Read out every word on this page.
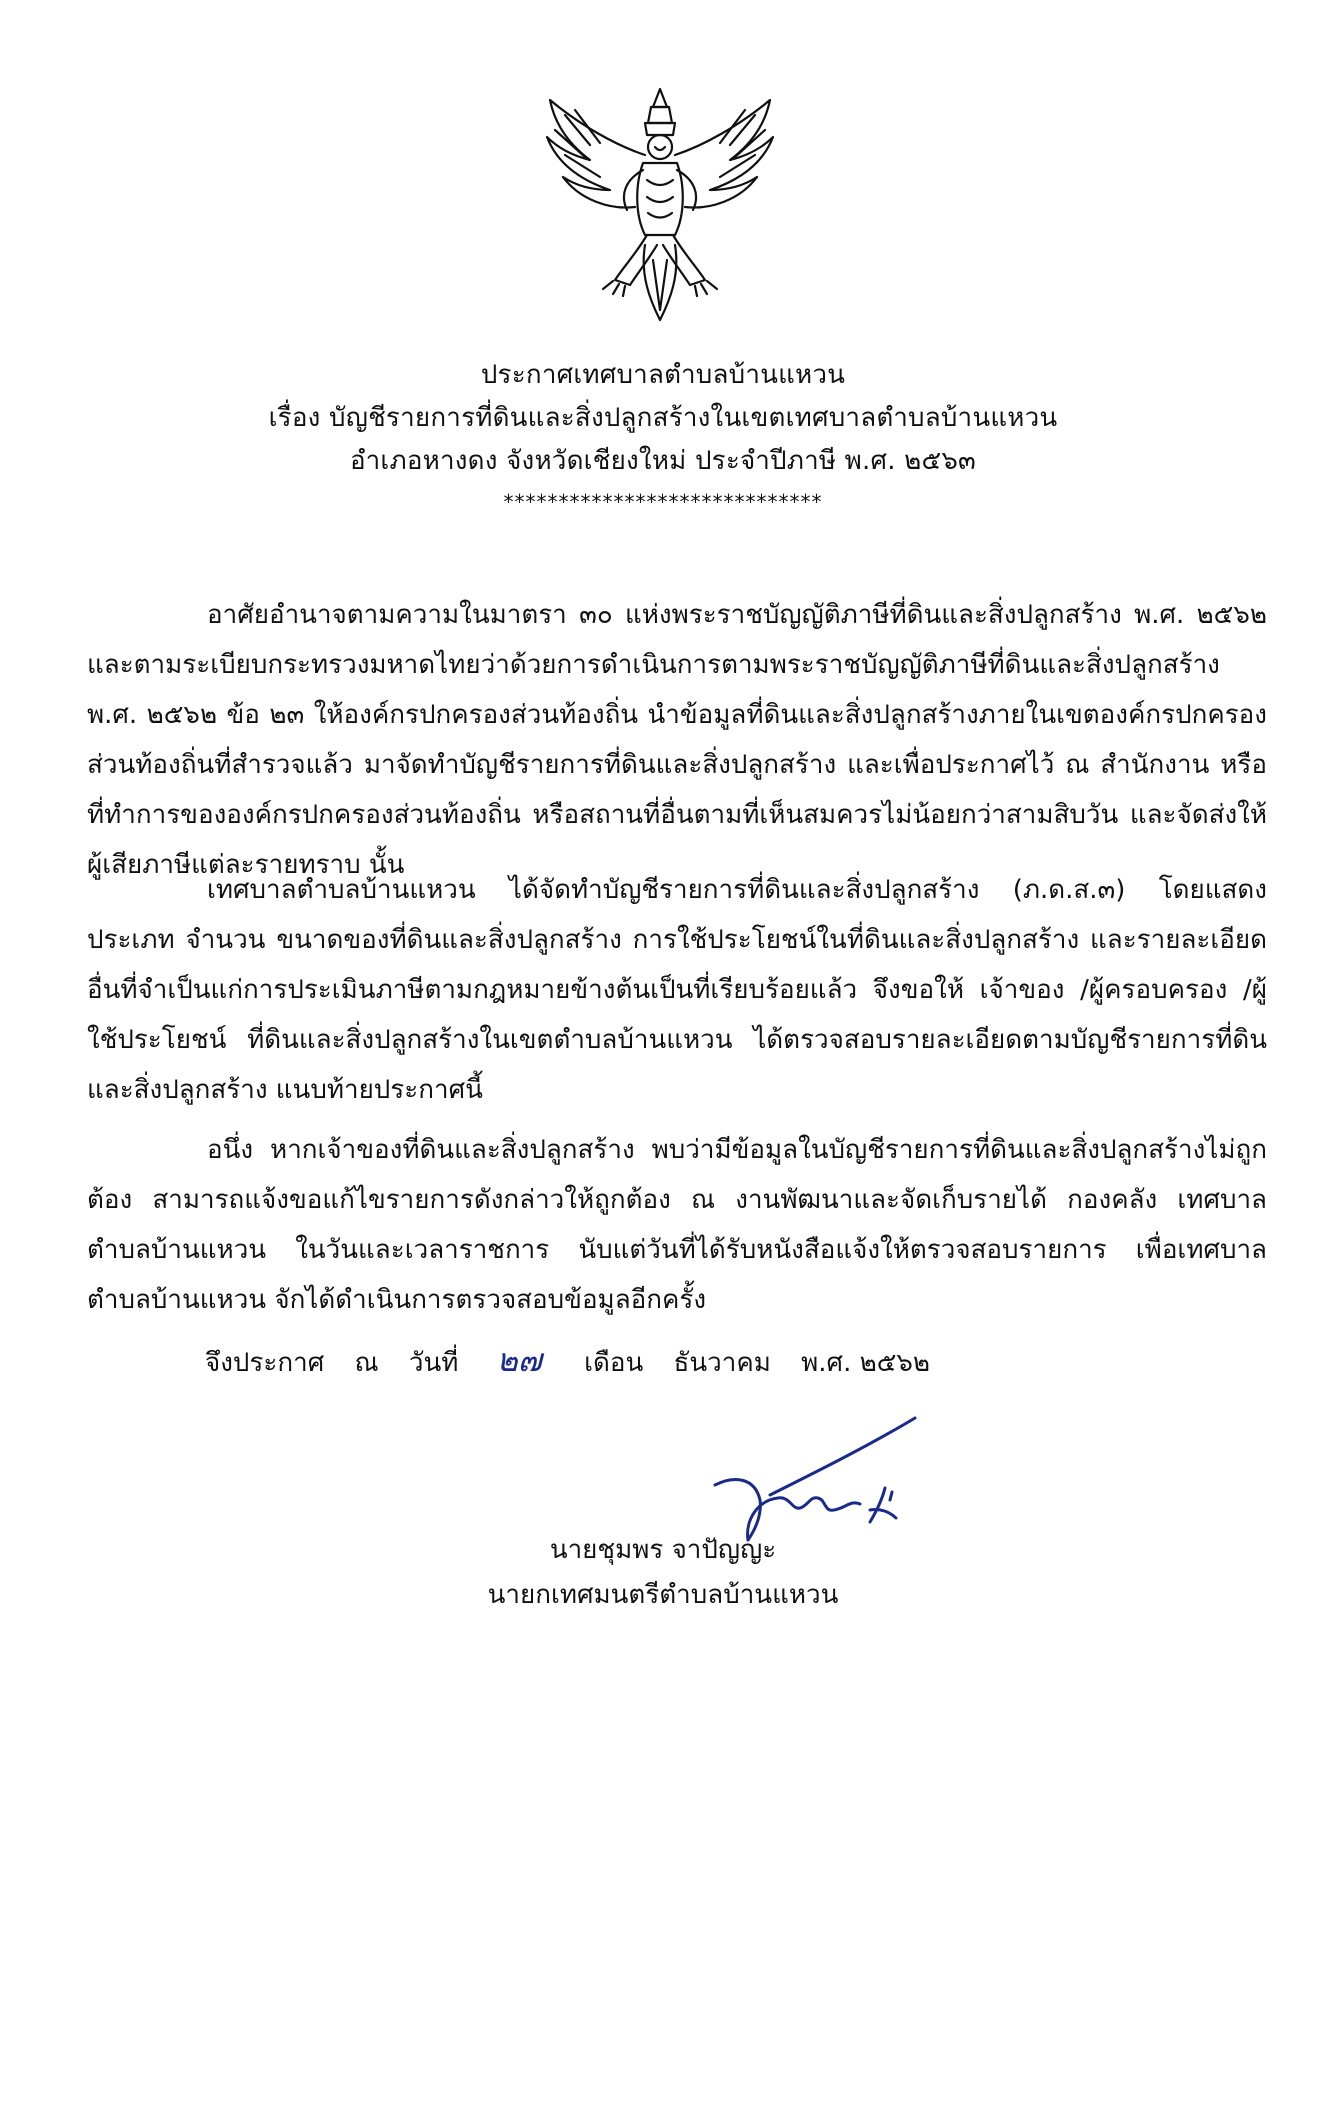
ประกาศเทศบาลตำบลบ้านแหวน
เรื่อง บัญชีรายการที่ดินและสิ่งปลูกสร้างในเขตเทศบาลตำบลบ้านแหวน
อำเภอหางดง จังหวัดเชียงใหม่ ประจำปีภาษี พ.ศ. ๒๕๖๓
*****************************

อาศัยอำนาจตามความในมาตรา ๓๐ แห่งพระราชบัญญัติภาษีที่ดินและสิ่งปลูกสร้าง พ.ศ. ๒๕๖๒ และตามระเบียบกระทรวงมหาดไทยว่าด้วยการดำเนินการตามพระราชบัญญัติภาษีที่ดินและสิ่งปลูกสร้าง พ.ศ. ๒๕๖๒ ข้อ ๒๓ ให้องค์กรปกครองส่วนท้องถิ่น นำข้อมูลที่ดินและสิ่งปลูกสร้างภายในเขตองค์กรปกครองส่วนท้องถิ่นที่สำรวจแล้ว มาจัดทำบัญชีรายการที่ดินและสิ่งปลูกสร้าง และเพื่อประกาศไว้ ณ สำนักงาน หรือที่ทำการขององค์กรปกครองส่วนท้องถิ่น หรือสถานที่อื่นตามที่เห็นสมควรไม่น้อยกว่าสามสิบวัน และจัดส่งให้ผู้เสียภาษีแต่ละรายทราบ นั้น

เทศบาลตำบลบ้านแหวน ได้จัดทำบัญชีรายการที่ดินและสิ่งปลูกสร้าง (ภ.ด.ส.๓) โดยแสดงประเภท จำนวน ขนาดของที่ดินและสิ่งปลูกสร้าง การใช้ประโยชน์ในที่ดินและสิ่งปลูกสร้าง และรายละเอียดอื่นที่จำเป็นแก่การประเมินภาษีตามกฎหมายข้างต้นเป็นที่เรียบร้อยแล้ว จึงขอให้ เจ้าของ /ผู้ครอบครอง /ผู้ใช้ประโยชน์ ที่ดินและสิ่งปลูกสร้างในเขตตำบลบ้านแหวน ได้ตรวจสอบรายละเอียดตามบัญชีรายการที่ดินและสิ่งปลูกสร้าง แนบท้ายประกาศนี้

อนึ่ง หากเจ้าของที่ดินและสิ่งปลูกสร้าง พบว่ามีข้อมูลในบัญชีรายการที่ดินและสิ่งปลูกสร้างไม่ถูกต้อง สามารถแจ้งขอแก้ไขรายการดังกล่าวให้ถูกต้อง ณ งานพัฒนาและจัดเก็บรายได้ กองคลัง เทศบาลตำบลบ้านแหวน ในวันและเวลาราชการ นับแต่วันที่ได้รับหนังสือแจ้งให้ตรวจสอบรายการ เพื่อเทศบาลตำบลบ้านแหวน จักได้ดำเนินการตรวจสอบข้อมูลอีกครั้ง

จึงประกาศ ณ วันที่ ๒๗ เดือน ธันวาคม พ.ศ. ๒๕๖๒
นายชุมพร จาปัญญะ
นายกเทศมนตรีตำบลบ้านแหวน
